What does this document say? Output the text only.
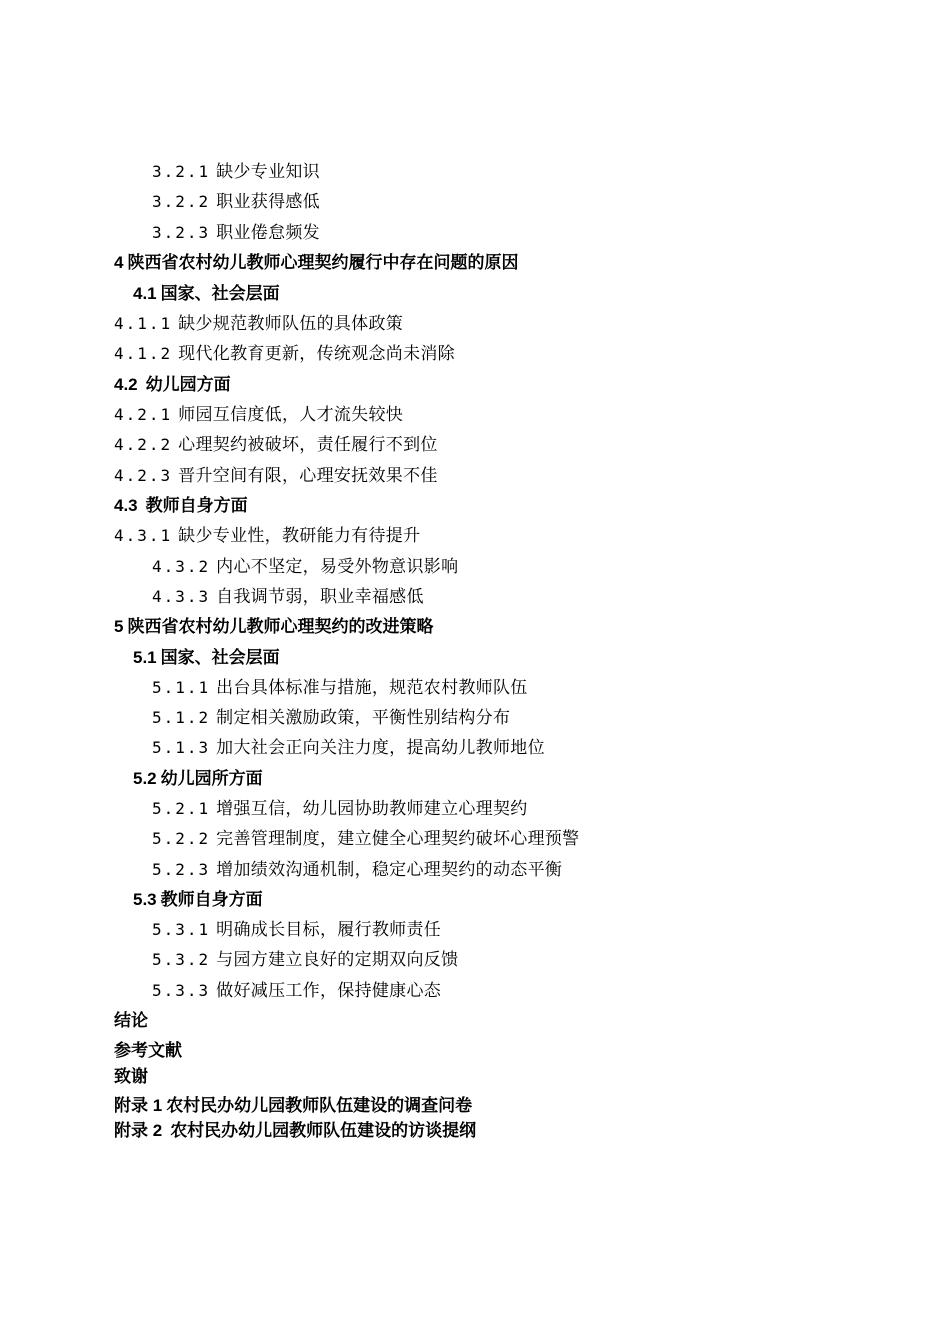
3.2.1 缺少专业知识
3.2.2 职业获得感低
3.2.3 职业倦怠频发
4 陕西省农村幼儿教师心理契约履行中存在问题的原因
4.1 国家、社会层面
4.1.1 缺少规范教师队伍的具体政策
4.1.2 现代化教育更新，传统观念尚未消除
4.2 幼儿园方面
4.2.1 师园互信度低，人才流失较快
4.2.2 心理契约被破坏，责任履行不到位
4.2.3 晋升空间有限，心理安抚效果不佳
4.3 教师自身方面
4.3.1 缺少专业性，教研能力有待提升
4.3.2 内心不坚定，易受外物意识影响
4.3.3 自我调节弱，职业幸福感低
5 陕西省农村幼儿教师心理契约的改进策略
5.1 国家、社会层面
5.1.1 出台具体标准与措施，规范农村教师队伍
5.1.2 制定相关激励政策，平衡性别结构分布
5.1.3 加大社会正向关注力度，提高幼儿教师地位
5.2 幼儿园所方面
5.2.1 增强互信，幼儿园协助教师建立心理契约
5.2.2 完善管理制度，建立健全心理契约破坏心理预警
5.2.3 增加绩效沟通机制，稳定心理契约的动态平衡
5.3 教师自身方面
5.3.1 明确成长目标，履行教师责任
5.3.2 与园方建立良好的定期双向反馈
5.3.3 做好减压工作，保持健康心态
结论
参考文献
致谢
附录 1 农村民办幼儿园教师队伍建设的调查问卷
附录 2 农村民办幼儿园教师队伍建设的访谈提纲
